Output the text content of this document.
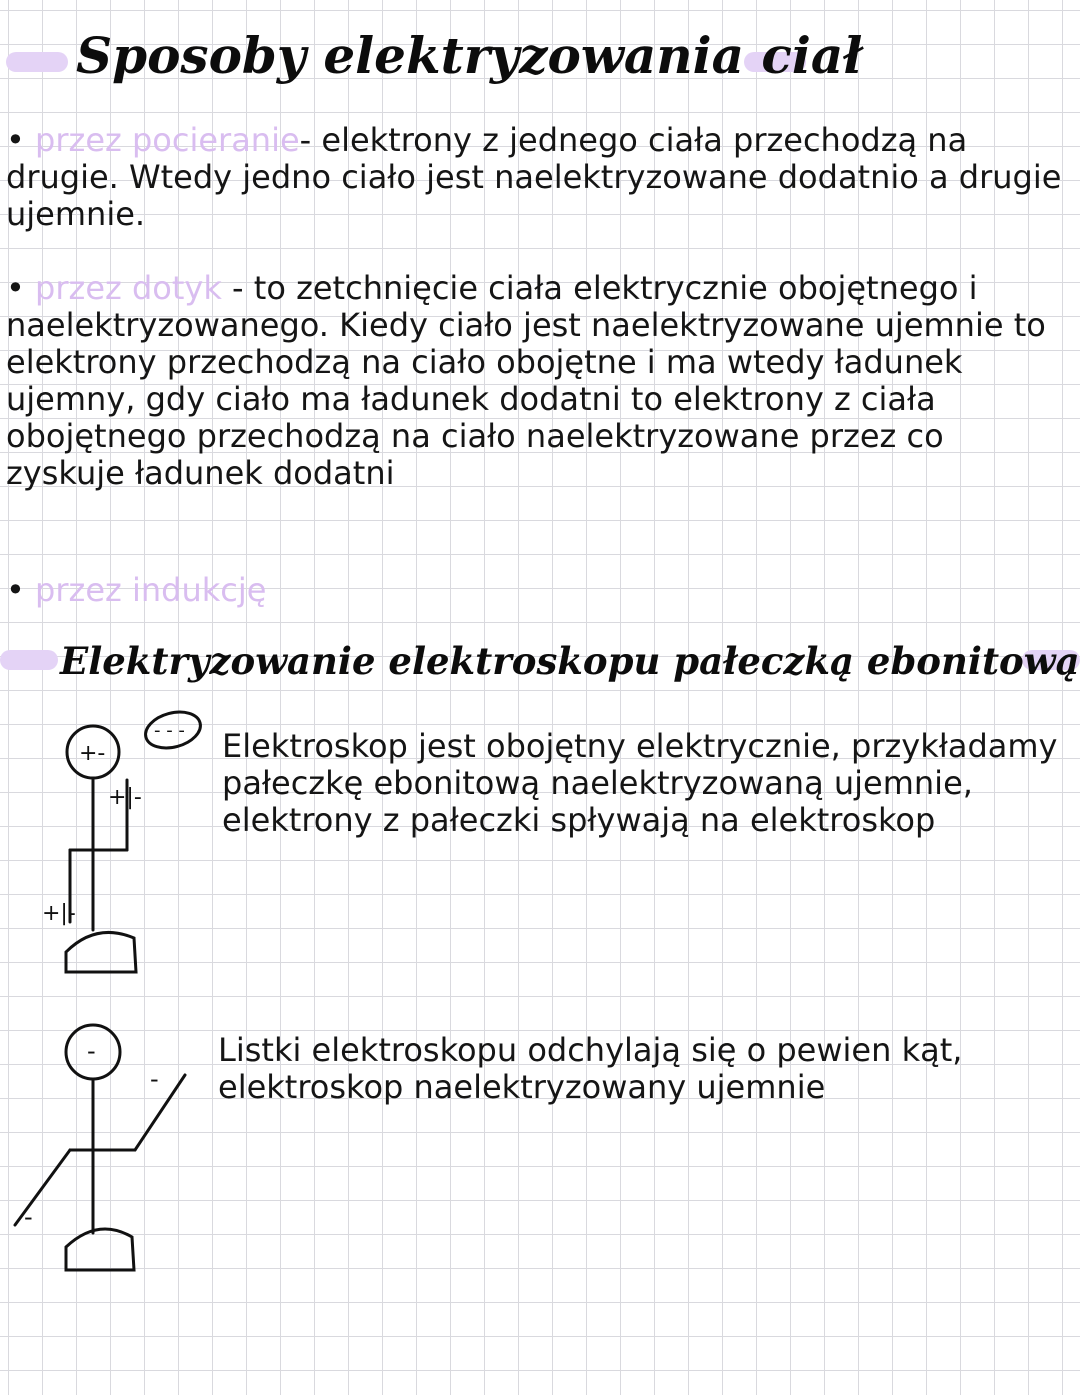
Sposoby elektryzowania ciał

• przez pocieranie- elektrony z jednego ciała przechodzą na drugie. Wtedy jedno ciało jest naelektryzowane dodatnio a drugie ujemnie.

• przez dotyk - to zetchnięcie ciała elektrycznie obojętnego i naelektryzowanego. Kiedy ciało jest naelektryzowane ujemnie to elektrony przechodzą na ciało obojętne i ma wtedy ładunek ujemny, gdy ciało ma ładunek dodatni to elektrony z ciała obojętnego przechodzą na ciało naelektryzowane przez co zyskuje ładunek dodatni

• przez indukcję

Elektryzowanie elektroskopu pałeczką ebonitową
+-
- - -
+|-
+|-

Elektroskop jest obojętny elektrycznie, przykładamy pałeczkę ebonitową naelektryzowaną ujemnie, elektrony z pałeczki spływają na elektroskop

-
-
-

Listki elektroskopu odchylają się o pewien kąt, elektroskop naelektryzowany ujemnie
